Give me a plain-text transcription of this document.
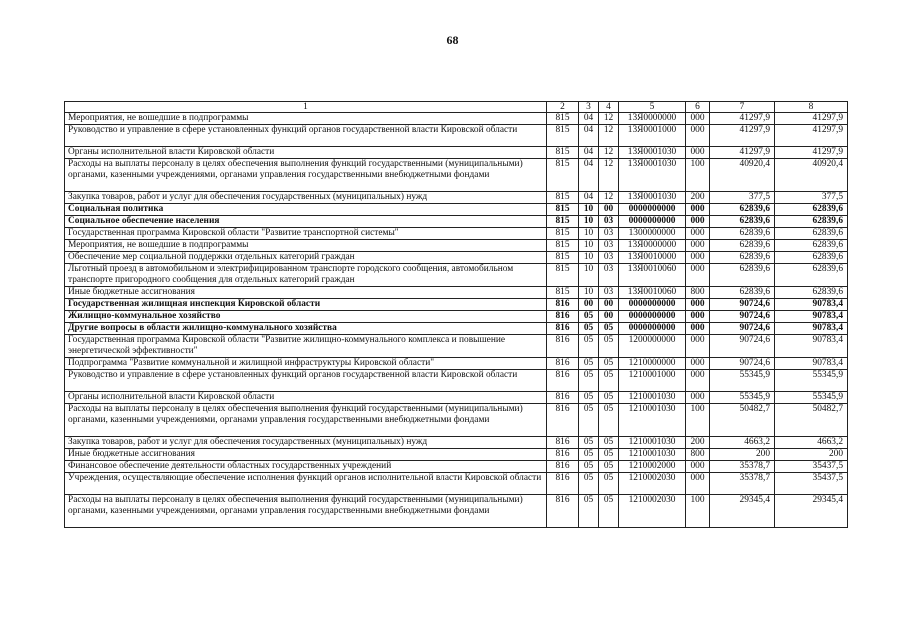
68
1	2	3	4	5	6	7	8
Мероприятия, не вошедшие в подпрограммы	815	04	12	13Я0000000	000	41297,9	41297,9
Руководство и управление в сфере установленных функций органов государственной власти Кировской области	815	04	12	13Я0001000	000	41297,9	41297,9
Органы исполнительной власти Кировской области	815	04	12	13Я0001030	000	41297,9	41297,9
Расходы на выплаты персоналу в целях обеспечения выполнения функций государственными (муниципальными) органами, казенными учреждениями, органами управления государственными внебюджетными фондами	815	04	12	13Я0001030	100	40920,4	40920,4
Закупка товаров, работ и услуг для обеспечения государственных (муниципальных) нужд	815	04	12	13Я0001030	200	377,5	377,5
Социальная политика	815	10	00	0000000000	000	62839,6	62839,6
Социальное обеспечение населения	815	10	03	0000000000	000	62839,6	62839,6
Государственная программа Кировской области "Развитие транспортной системы"	815	10	03	1300000000	000	62839,6	62839,6
Мероприятия, не вошедшие в подпрограммы	815	10	03	13Я0000000	000	62839,6	62839,6
Обеспечение мер социальной поддержки отдельных категорий граждан	815	10	03	13Я0010000	000	62839,6	62839,6
Льготный проезд в автомобильном и электрифицированном транспорте городского сообщения, автомобильном транспорте пригородного сообщения для отдельных категорий граждан	815	10	03	13Я0010060	000	62839,6	62839,6
Иные бюджетные ассигнования	815	10	03	13Я0010060	800	62839,6	62839,6
Государственная жилищная инспекция Кировской области	816	00	00	0000000000	000	90724,6	90783,4
Жилищно-коммунальное хозяйство	816	05	00	0000000000	000	90724,6	90783,4
Другие вопросы в области жилищно-коммунального хозяйства	816	05	05	0000000000	000	90724,6	90783,4
Государственная программа Кировской области "Развитие жилищно-коммунального комплекса и повышение энергетической эффективности"	816	05	05	1200000000	000	90724,6	90783,4
Подпрограмма "Развитие коммунальной и жилищной инфраструктуры Кировской области"	816	05	05	1210000000	000	90724,6	90783,4
Руководство и управление в сфере установленных функций органов государственной власти Кировской области	816	05	05	1210001000	000	55345,9	55345,9
Органы исполнительной власти Кировской области	816	05	05	1210001030	000	55345,9	55345,9
Расходы на выплаты персоналу в целях обеспечения выполнения функций государственными (муниципальными) органами, казенными учреждениями, органами управления государственными внебюджетными фондами	816	05	05	1210001030	100	50482,7	50482,7
Закупка товаров, работ и услуг для обеспечения государственных (муниципальных) нужд	816	05	05	1210001030	200	4663,2	4663,2
Иные бюджетные ассигнования	816	05	05	1210001030	800	200	200
Финансовое обеспечение деятельности областных государственных учреждений	816	05	05	1210002000	000	35378,7	35437,5
Учреждения, осуществляющие обеспечение исполнения функций органов исполнительной власти Кировской области	816	05	05	1210002030	000	35378,7	35437,5
Расходы на выплаты персоналу в целях обеспечения выполнения функций государственными (муниципальными) органами, казенными учреждениями, органами управления государственными внебюджетными фондами	816	05	05	1210002030	100	29345,4	29345,4
